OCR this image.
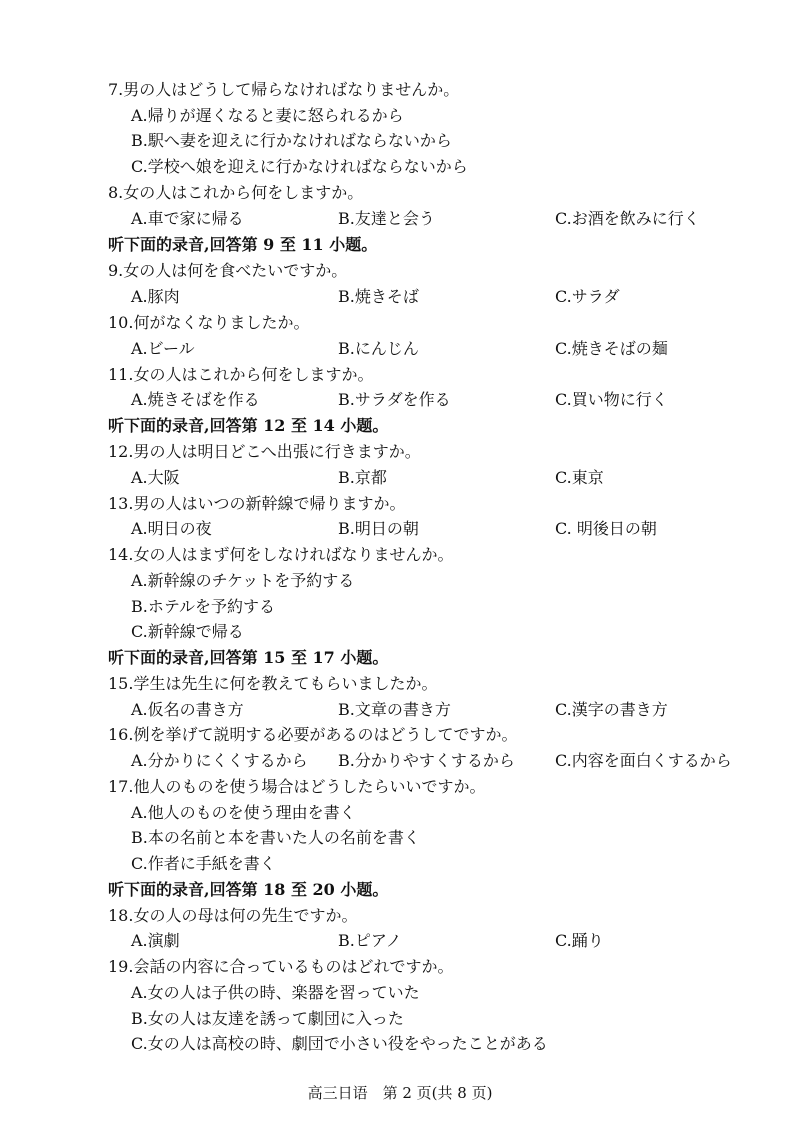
7.男の人はどうして帰らなければなりませんか。
A.帰りが遅くなると妻に怒られるから
B.駅へ妻を迎えに行かなければならないから
C.学校へ娘を迎えに行かなければならないから
8.女の人はこれから何をしますか。
A.車で家に帰る	B.友達と会う	C.お酒を飲みに行く
听下面的录音,回答第 9 至 11 小题。
9.女の人は何を食べたいですか。
A.豚肉	B.焼きそば	C.サラダ
10.何がなくなりましたか。
A.ビール	B.にんじん	C.焼きそばの麺
11.女の人はこれから何をしますか。
A.焼きそばを作る	B.サラダを作る	C.買い物に行く
听下面的录音,回答第 12 至 14 小题。
12.男の人は明日どこへ出張に行きますか。
A.大阪	B.京都	C.東京
13.男の人はいつの新幹線で帰りますか。
A.明日の夜	B.明日の朝	C. 明後日の朝
14.女の人はまず何をしなければなりませんか。
A.新幹線のチケットを予約する
B.ホテルを予約する
C.新幹線で帰る
听下面的录音,回答第 15 至 17 小题。
15.学生は先生に何を教えてもらいましたか。
A.仮名の書き方	B.文章の書き方	C.漢字の書き方
16.例を挙げて説明する必要があるのはどうしてですか。
A.分かりにくくするから B.分かりやすくするから	C.内容を面白くするから
17.他人のものを使う場合はどうしたらいいですか。
A.他人のものを使う理由を書く
B.本の名前と本を書いた人の名前を書く
C.作者に手紙を書く
听下面的录音,回答第 18 至 20 小题。
18.女の人の母は何の先生ですか。
A.演劇	B.ピアノ	C.踊り
19.会話の内容に合っているものはどれですか。
A.女の人は子供の時、楽器を習っていた
B.女の人は友達を誘って劇団に入った
C.女の人は高校の時、劇団で小さい役をやったことがある
高三日语　第 2 页(共 8 页)
